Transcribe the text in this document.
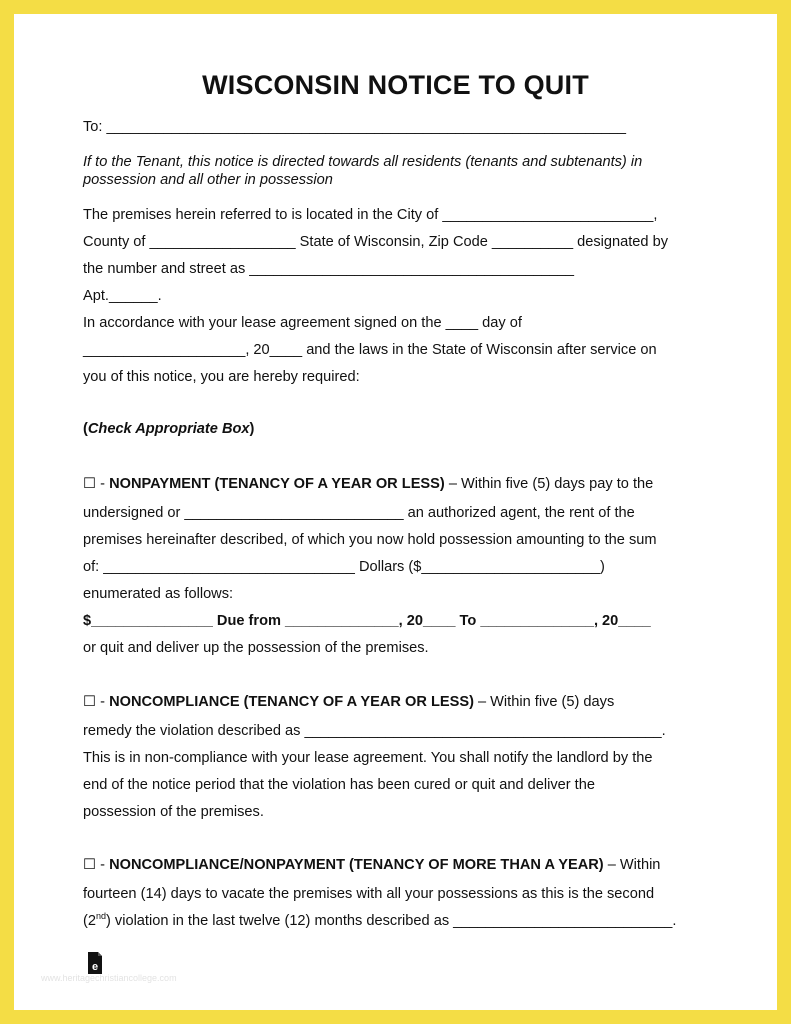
WISCONSIN NOTICE TO QUIT
To: ________________________________________________________________
If to the Tenant, this notice is directed towards all residents (tenants and subtenants) in possession and all other in possession
The premises herein referred to is located in the City of __________________________,
County of __________________ State of Wisconsin, Zip Code __________ designated by
the number and street as ________________________________________
Apt.______.
In accordance with your lease agreement signed on the ____ day of
____________________, 20____ and the laws in the State of Wisconsin after service on
you of this notice, you are hereby required:
(Check Appropriate Box)
☐ - NONPAYMENT (TENANCY OF A YEAR OR LESS) – Within five (5) days pay to the
undersigned or ___________________________ an authorized agent, the rent of the
premises hereinafter described, of which you now hold possession amounting to the sum
of: _______________________________ Dollars ($______________________)
enumerated as follows:
$_______________ Due from ______________, 20____ To ______________, 20____
or quit and deliver up the possession of the premises.
☐ - NONCOMPLIANCE (TENANCY OF A YEAR OR LESS) – Within five (5) days
remedy the violation described as ____________________________________________.
This is in non-compliance with your lease agreement. You shall notify the landlord by the
end of the notice period that the violation has been cured or quit and deliver the
possession of the premises.
☐ - NONCOMPLIANCE/NONPAYMENT (TENANCY OF MORE THAN A YEAR) – Within
fourteen (14) days to vacate the premises with all your possessions as this is the second
(2nd) violation in the last twelve (12) months described as ___________________________.
e
www.heritagechristiancollege.com
